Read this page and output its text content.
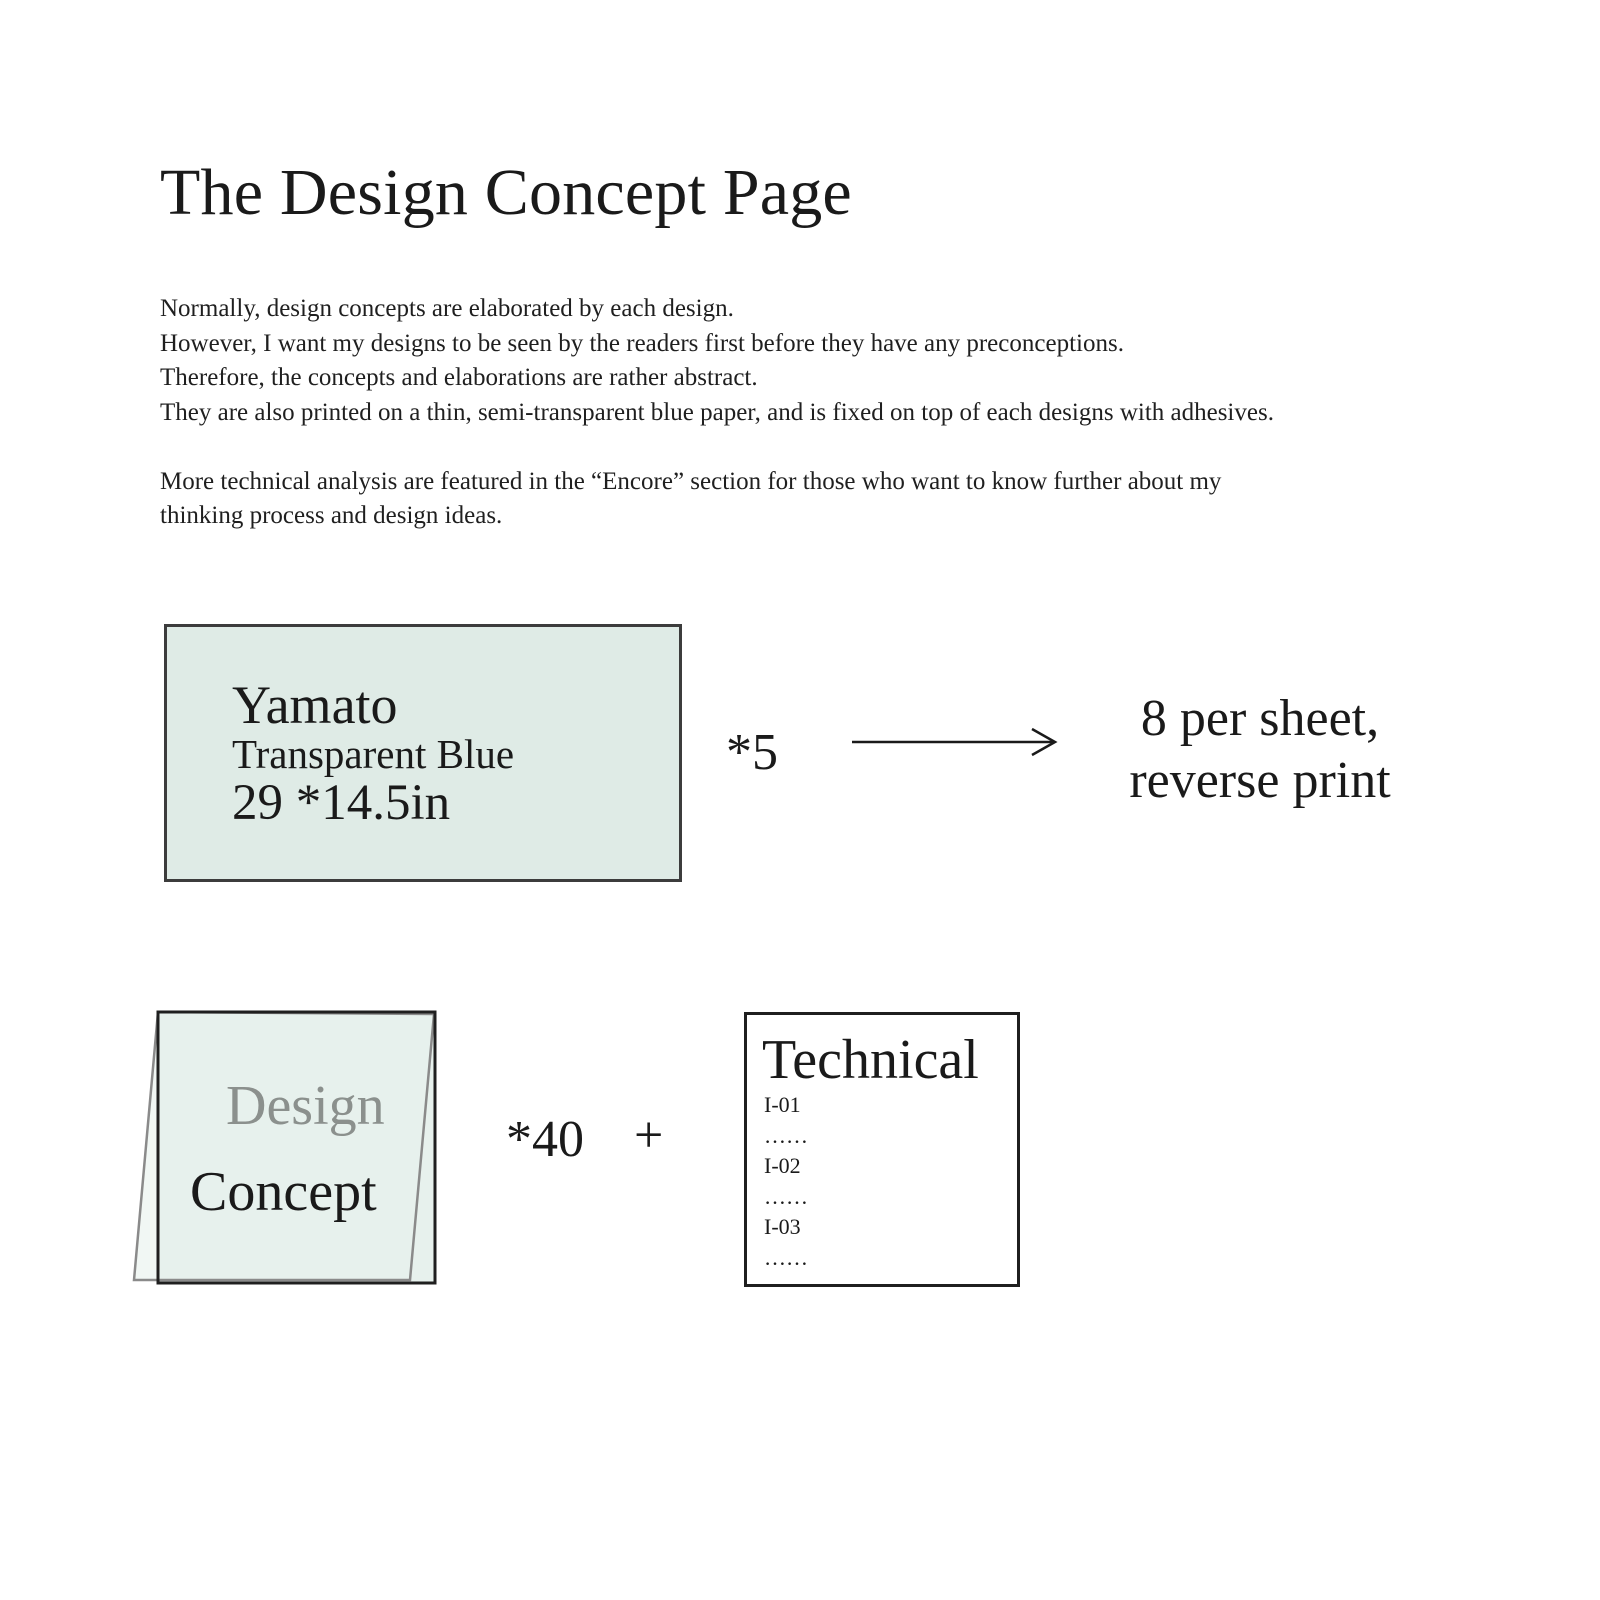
The Design Concept Page

Normally, design concepts are elaborated by each design.

However, I want my designs to be seen by the readers first before they have any preconceptions.

Therefore, the concepts and elaborations are rather abstract.

They are also printed on a thin, semi-transparent blue paper, and is fixed on top of each designs with adhesives.

More technical analysis are featured in the “Encore” section for those who want to know further about my

thinking process and design ideas.

Yamato
Transparent Blue
29 *14.5in
*5
8 per sheet,
reverse print
Design
Concept
*40 +
Technical
I-01
……
I-02
……
I-03
……
